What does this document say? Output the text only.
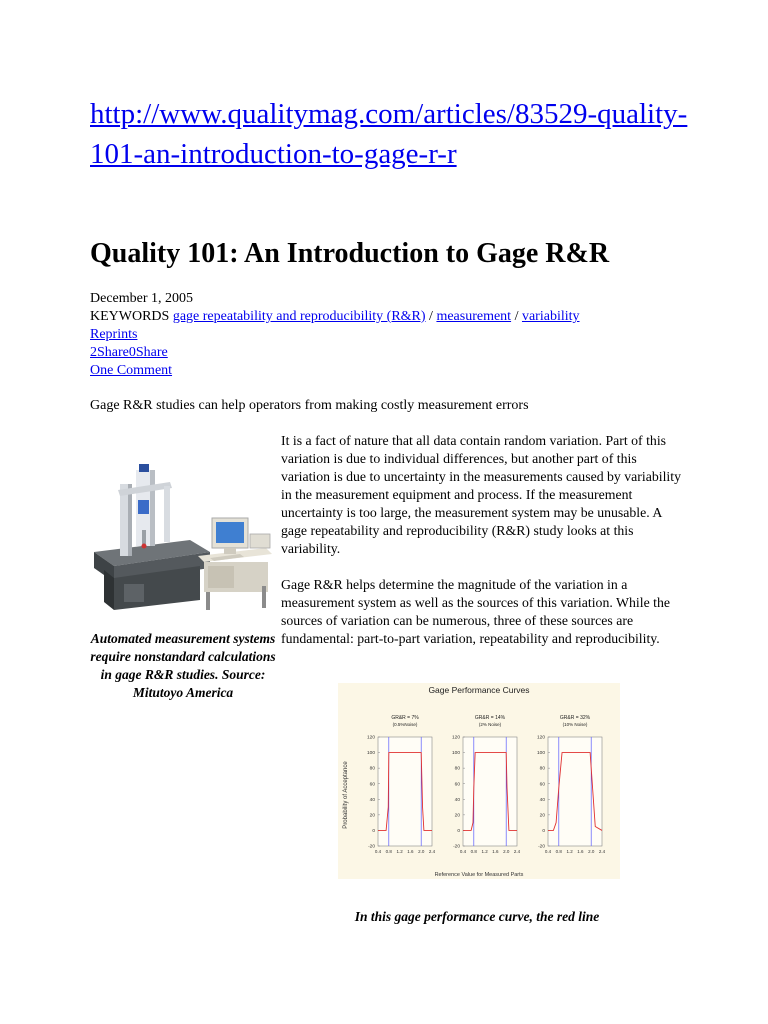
http://www.qualitymag.com/articles/83529-quality-101-an-introduction-to-gage-r-r
Quality 101: An Introduction to Gage R&R
December 1, 2005
KEYWORDS gage repeatability and reproducibility (R&R) / measurement / variability
Reprints
2Share0Share
One Comment
Gage R&R studies can help operators from making costly measurement errors
Automated measurement systems require nonstandard calculations in gage R&R studies. Source: Mitutoyo America

It is a fact of nature that all data contain random variation. Part of this variation is due to individual differences, but another part of this variation is due to uncertainty in the measurements caused by variability in the measurement equipment and process. If the measurement uncertainty is too large, the measurement system may be unusable. A gage repeatability and reproducibility (R&R) study looks at this variability.

Gage R&R helps determine the magnitude of the variation in a measurement system as well as the sources of this variation. While the sources of variation can be numerous, three of these sources are fundamental: part-to-part variation, repeatability and reproducibility.

Gage Performance Curves
Reference Value for Measured Parts
Probability of Acceptance
GR&R = 7%
(0.5%Noise)
120
100
80
60
40
20
0
-20
0.4 0.8 1.2 1.6 2.0 2.4
GR&R = 14%
(2% Noise)
120
100
80
60
40
20
0
-20
0.4 0.8 1.2 1.6 2.0 2.4
GR&R = 32%
(10% Noise)
120
100
80
60
40
20
0
-20
0.4 0.8 1.2 1.6 2.0 2.4
In this gage performance curve, the red line
